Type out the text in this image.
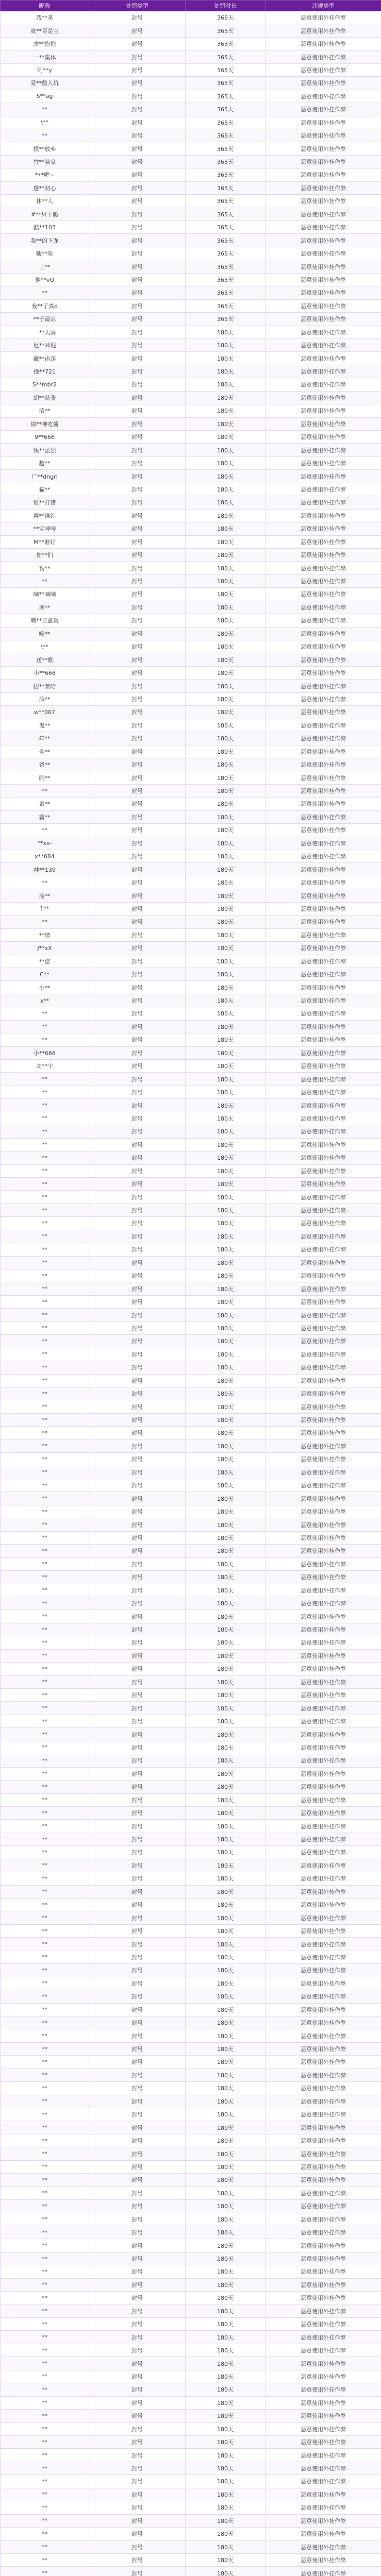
昵称	处罚类型	处罚时长	违规类型
我**来	封号	365天	恶意使用外挂作弊
成**哥是宝	封号	365天	恶意使用外挂作弊
求**抱抱	封号	365天	恶意使用外挂作弊
一**集体	封号	365天	恶意使用外挂作弊
阿**y	封号	365天	恶意使用外挂作弊
爱**酸入坑	封号	365天	恶意使用外挂作弊
S**ag	封号	365天	恶意使用外挂作弊
**	封号	365天	恶意使用外挂作弊
\**	封号	365天	恶意使用外挂作弊
**	封号	365天	恶意使用外挂作弊
摸**放弃	封号	365天	恶意使用外挂作弊
竹**装家	封号	365天	恶意使用外挂作弊
*•*吧~	封号	365天	恶意使用外挂作弊
感**初心	封号	365天	恶意使用外挂作弊
休**人	封号	365天	恶意使用外挂作弊
#**只干脆	封号	365天	恶意使用外挂作弊
酷**103	封号	365天	恶意使用外挂作弊
我**的下龙	封号	365天	恶意使用外挂作弊
嗨**哈	封号	365天	恶意使用外挂作弊
三**	封号	365天	恶意使用外挂作弊
他**vO	封号	365天	恶意使用外挂作弊
**	封号	365天	恶意使用外挂作弊
我**了真d	封号	365天	恶意使用外挂作弊
**子最凉	封号	365天	恶意使用外挂作弊
一**天雨	封号	180天	恶意使用外挂作弊
尼**神棍	封号	180天	恶意使用外挂作弊
藏**南荡	封号	180天	恶意使用外挂作弊
挽**721	封号	180天	恶意使用外挂作弊
S**mbr2	封号	180天	恶意使用外挂作弊
胡**慈张	封号	180天	恶意使用外挂作弊
落**	封号	180天	恶意使用外挂作弊
请**神吃酱	封号	180天	恶意使用外挂作弊
9**666	封号	180天	恶意使用外挂作弊
快**虽烈	封号	180天	恶意使用外挂作弊
超**	封号	180天	恶意使用外挂作弊
广**dngrl	封号	180天	恶意使用外挂作弊
猫**	封号	180天	恶意使用外挂作弊
谁**打猪	封号	180天	恶意使用外挂作弊
再**谁红	封号	180天	恶意使用外挂作弊
**宝啤啤	封号	180天	恶意使用外挂作弊
M**谁好	封号	180天	恶意使用外挂作弊
你**们	封号	180天	恶意使用外挂作弊
豹**	封号	180天	恶意使用外挂作弊
**	封号	180天	恶意使用外挂作弊
嘀**嘀嘀	封号	180天	恶意使用外挂作弊
现**	封号	180天	恶意使用外挂作弊
嘀**三盒饭	封号	180天	恶意使用外挂作弊
嘀**	封号	180天	恶意使用外挂作弊
\**	封号	180天	恶意使用外挂作弊
送**歌	封号	180天	恶意使用外挂作弊
小**666	封号	180天	恶意使用外挂作弊
招**莱哈	封号	180天	恶意使用外挂作弊
酒**	封号	180天	恶意使用外挂作弊
w**007	封号	180天	恶意使用外挂作弊
鬼**	封号	180天	恶意使用外挂作弊
年**	封号	180天	恶意使用外挂作弊
全**	封号	180天	恶意使用外挂作弊
爸**	封号	180天	恶意使用外挂作弊
刷**	封号	180天	恶意使用外挂作弊
**	封号	180天	恶意使用外挂作弊
素**	封号	180天	恶意使用外挂作弊
霸**	封号	180天	恶意使用外挂作弊
**	封号	180天	恶意使用外挂作弊
**xx-	封号	180天	恶意使用外挂作弊
x**684	封号	180天	恶意使用外挂作弊
林**139	封号	180天	恶意使用外挂作弊
**	封号	180天	恶意使用外挂作弊
流**	封号	180天	恶意使用外挂作弊
1**	封号	180天	恶意使用外挂作弊
**	封号	180天	恶意使用外挂作弊
**情	封号	180天	恶意使用外挂作弊
J**xX	封号	180天	恶意使用外挂作弊
**您	封号	180天	恶意使用外挂作弊
C**	封号	180天	恶意使用外挂作弊
小**	封号	180天	恶意使用外挂作弊
x**	封号	180天	恶意使用外挂作弊
**	封号	180天	恶意使用外挂作弊
**	封号	180天	恶意使用外挂作弊
**	封号	180天	恶意使用外挂作弊
小**666	封号	180天	恶意使用外挂作弊
高**宇	封号	180天	恶意使用外挂作弊
**	封号	180天	恶意使用外挂作弊
**	封号	180天	恶意使用外挂作弊
**	封号	180天	恶意使用外挂作弊
**	封号	180天	恶意使用外挂作弊
**	封号	180天	恶意使用外挂作弊
**	封号	180天	恶意使用外挂作弊
**	封号	180天	恶意使用外挂作弊
**	封号	180天	恶意使用外挂作弊
**	封号	180天	恶意使用外挂作弊
**	封号	180天	恶意使用外挂作弊
**	封号	180天	恶意使用外挂作弊
**	封号	180天	恶意使用外挂作弊
**	封号	180天	恶意使用外挂作弊
**	封号	180天	恶意使用外挂作弊
**	封号	180天	恶意使用外挂作弊
**	封号	180天	恶意使用外挂作弊
**	封号	180天	恶意使用外挂作弊
**	封号	180天	恶意使用外挂作弊
**	封号	180天	恶意使用外挂作弊
**	封号	180天	恶意使用外挂作弊
**	封号	180天	恶意使用外挂作弊
**	封号	180天	恶意使用外挂作弊
**	封号	180天	恶意使用外挂作弊
**	封号	180天	恶意使用外挂作弊
**	封号	180天	恶意使用外挂作弊
**	封号	180天	恶意使用外挂作弊
**	封号	180天	恶意使用外挂作弊
**	封号	180天	恶意使用外挂作弊
**	封号	180天	恶意使用外挂作弊
**	封号	180天	恶意使用外挂作弊
**	封号	180天	恶意使用外挂作弊
**	封号	180天	恶意使用外挂作弊
**	封号	180天	恶意使用外挂作弊
**	封号	180天	恶意使用外挂作弊
**	封号	180天	恶意使用外挂作弊
**	封号	180天	恶意使用外挂作弊
**	封号	180天	恶意使用外挂作弊
**	封号	180天	恶意使用外挂作弊
**	封号	180天	恶意使用外挂作弊
**	封号	180天	恶意使用外挂作弊
**	封号	180天	恶意使用外挂作弊
**	封号	180天	恶意使用外挂作弊
**	封号	180天	恶意使用外挂作弊
**	封号	180天	恶意使用外挂作弊
**	封号	180天	恶意使用外挂作弊
**	封号	180天	恶意使用外挂作弊
**	封号	180天	恶意使用外挂作弊
**	封号	180天	恶意使用外挂作弊
**	封号	180天	恶意使用外挂作弊
**	封号	180天	恶意使用外挂作弊
**	封号	180天	恶意使用外挂作弊
**	封号	180天	恶意使用外挂作弊
**	封号	180天	恶意使用外挂作弊
**	封号	180天	恶意使用外挂作弊
**	封号	180天	恶意使用外挂作弊
**	封号	180天	恶意使用外挂作弊
**	封号	180天	恶意使用外挂作弊
**	封号	180天	恶意使用外挂作弊
**	封号	180天	恶意使用外挂作弊
**	封号	180天	恶意使用外挂作弊
**	封号	180天	恶意使用外挂作弊
**	封号	180天	恶意使用外挂作弊
**	封号	180天	恶意使用外挂作弊
**	封号	180天	恶意使用外挂作弊
**	封号	180天	恶意使用外挂作弊
**	封号	180天	恶意使用外挂作弊
**	封号	180天	恶意使用外挂作弊
**	封号	180天	恶意使用外挂作弊
**	封号	180天	恶意使用外挂作弊
**	封号	180天	恶意使用外挂作弊
**	封号	180天	恶意使用外挂作弊
**	封号	180天	恶意使用外挂作弊
**	封号	180天	恶意使用外挂作弊
**	封号	180天	恶意使用外挂作弊
**	封号	180天	恶意使用外挂作弊
**	封号	180天	恶意使用外挂作弊
**	封号	180天	恶意使用外挂作弊
**	封号	180天	恶意使用外挂作弊
**	封号	180天	恶意使用外挂作弊
**	封号	180天	恶意使用外挂作弊
**	封号	180天	恶意使用外挂作弊
**	封号	180天	恶意使用外挂作弊
**	封号	180天	恶意使用外挂作弊
**	封号	180天	恶意使用外挂作弊
**	封号	180天	恶意使用外挂作弊
**	封号	180天	恶意使用外挂作弊
**	封号	180天	恶意使用外挂作弊
**	封号	180天	恶意使用外挂作弊
**	封号	180天	恶意使用外挂作弊
**	封号	180天	恶意使用外挂作弊
**	封号	180天	恶意使用外挂作弊
**	封号	180天	恶意使用外挂作弊
**	封号	180天	恶意使用外挂作弊
**	封号	180天	恶意使用外挂作弊
**	封号	180天	恶意使用外挂作弊
**	封号	180天	恶意使用外挂作弊
**	封号	180天	恶意使用外挂作弊
**	封号	180天	恶意使用外挂作弊
**	封号	180天	恶意使用外挂作弊
**	封号	180天	恶意使用外挂作弊
**	封号	180天	恶意使用外挂作弊
**	封号	180天	恶意使用外挂作弊
**	封号	180天	恶意使用外挂作弊
**	封号	180天	恶意使用外挂作弊
**	封号	180天	恶意使用外挂作弊
**	封号	180天	恶意使用外挂作弊
**	封号	180天	恶意使用外挂作弊
**	封号	180天	恶意使用外挂作弊
**	封号	180天	恶意使用外挂作弊
**	封号	180天	恶意使用外挂作弊
**	封号	180天	恶意使用外挂作弊
**	封号	180天	恶意使用外挂作弊
**	封号	180天	恶意使用外挂作弊
**	封号	180天	恶意使用外挂作弊
**	封号	180天	恶意使用外挂作弊
